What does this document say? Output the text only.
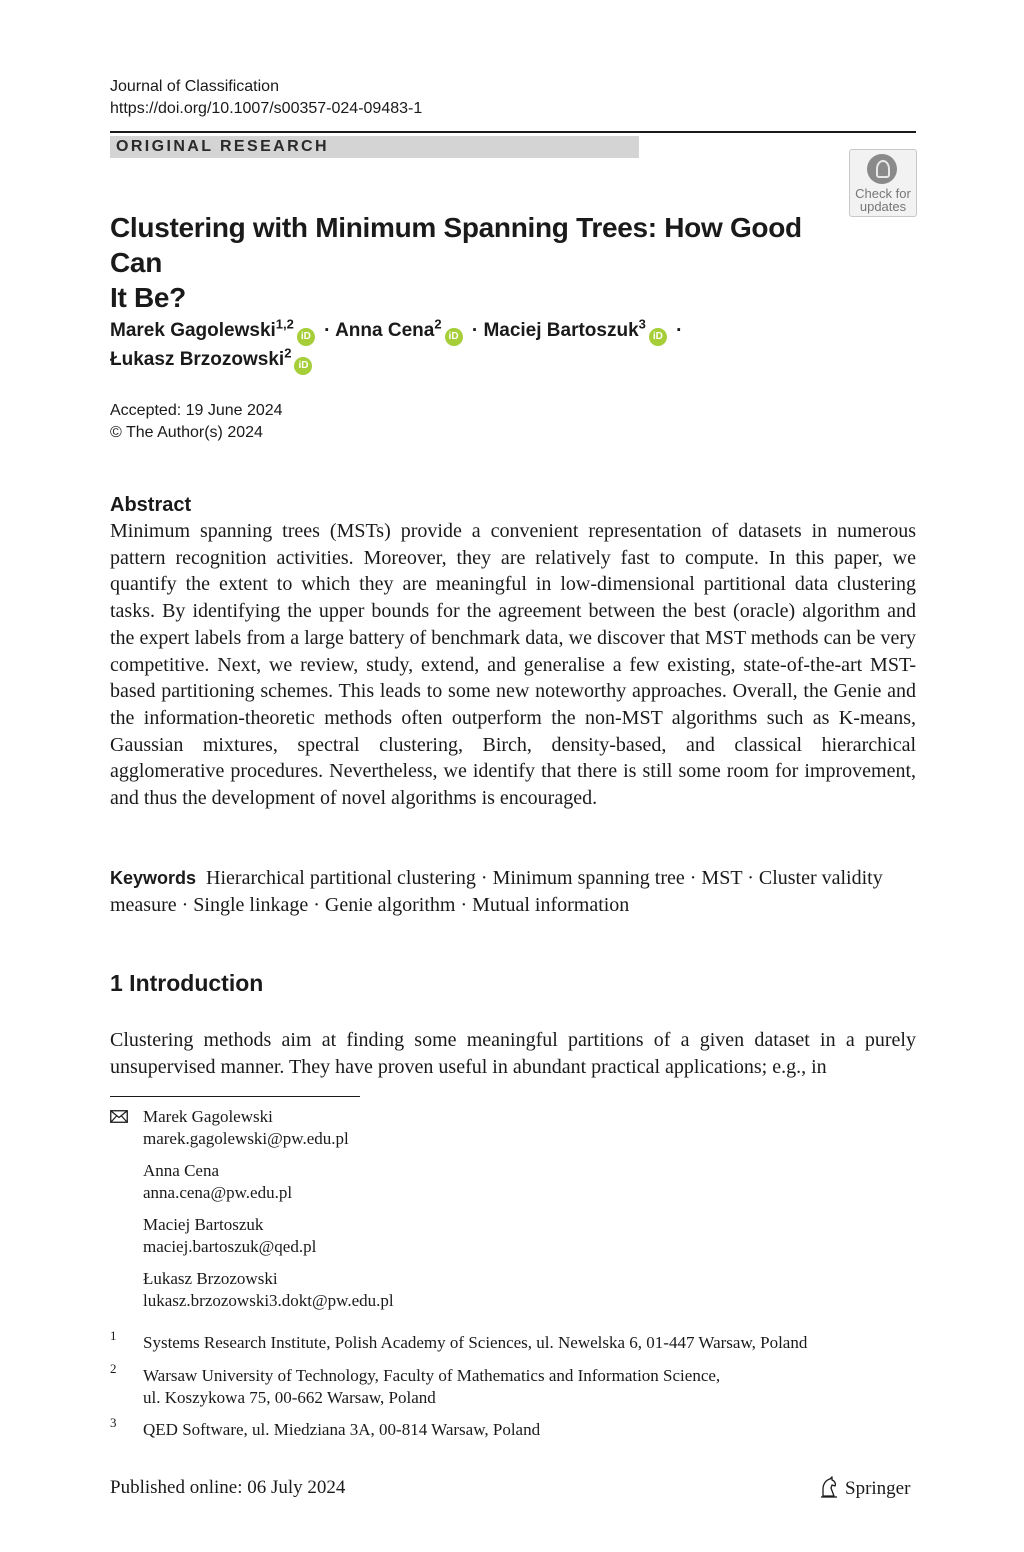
Journal of Classification
https://doi.org/10.1007/s00357-024-09483-1
ORIGINAL RESEARCH
Check for
updates
Clustering with Minimum Spanning Trees: How Good Can
It Be?
Marek Gagolewski$^{1,2}$iD · Anna Cena$^2$iD · Maciej Bartoszuk$^3$iD ·
Łukasz Brzozowski$^2$iD
Accepted: 19 June 2024
© The Author(s) 2024
Abstract
Minimum spanning trees (MSTs) provide a convenient representation of datasets in numerous pattern recognition activities. Moreover, they are relatively fast to compute. In this paper, we quantify the extent to which they are meaningful in low-dimensional partitional data clustering tasks. By identifying the upper bounds for the agreement between the best (oracle) algorithm and the expert labels from a large battery of benchmark data, we discover that MST methods can be very competitive. Next, we review, study, extend, and generalise a few existing, state-of-the-art MST-based partitioning schemes. This leads to some new noteworthy approaches. Overall, the Genie and the information-theoretic methods often outperform the non-MST algorithms such as K-means, Gaussian mixtures, spectral clustering, Birch, density-based, and classical hierarchical agglomerative procedures. Nevertheless, we identify that there is still some room for improvement, and thus the development of novel algorithms is encouraged.
Keywords Hierarchical partitional clustering · Minimum spanning tree · MST · Cluster validity measure · Single linkage · Genie algorithm · Mutual information
1 Introduction
Clustering methods aim at finding some meaningful partitions of a given dataset in a purely unsupervised manner. They have proven useful in abundant practical applications; e.g., in
Marek Gagolewski
marek.gagolewski@pw.edu.pl
Anna Cena
anna.cena@pw.edu.pl
Maciej Bartoszuk
maciej.bartoszuk@qed.pl
Łukasz Brzozowski
lukasz.brzozowski3.dokt@pw.edu.pl
1 Systems Research Institute, Polish Academy of Sciences, ul. Newelska 6, 01-447 Warsaw, Poland
2 Warsaw University of Technology, Faculty of Mathematics and Information Science,
ul. Koszykowa 75, 00-662 Warsaw, Poland
3 QED Software, ul. Miedziana 3A, 00-814 Warsaw, Poland
Published online: 06 July 2024	Springer
